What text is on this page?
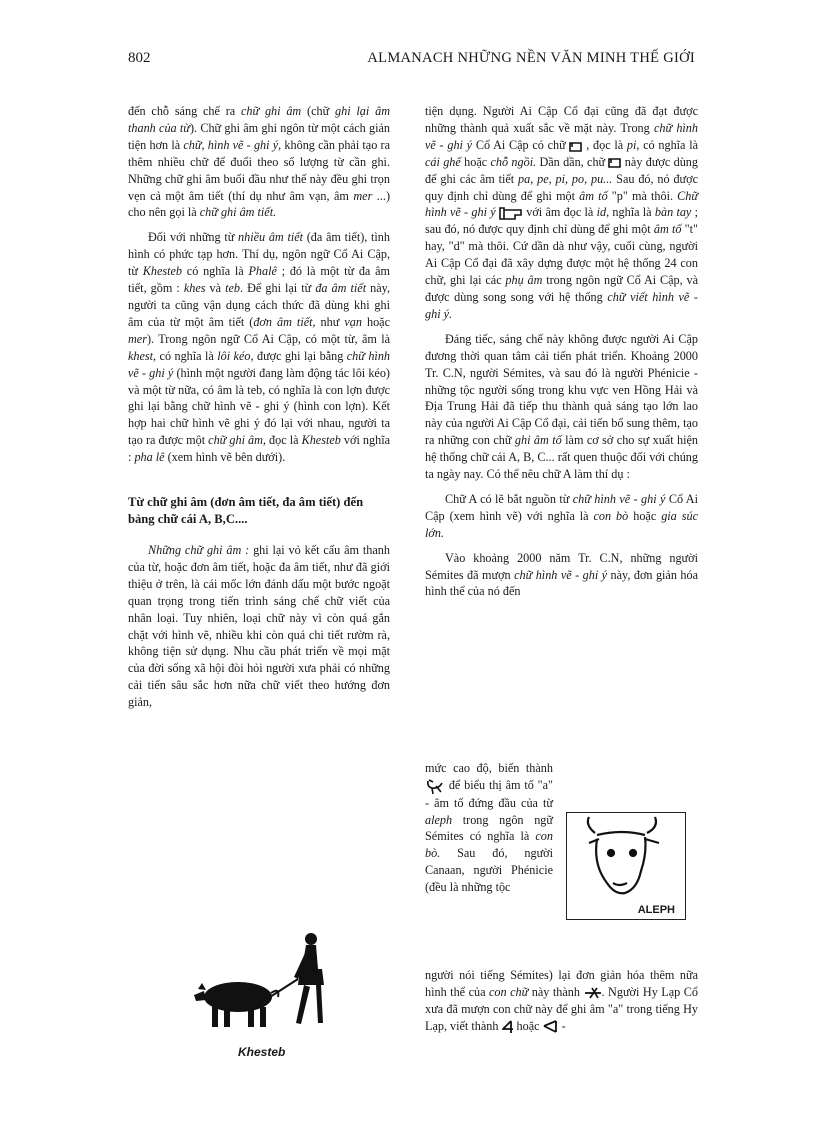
802	ALMANACH NHỮNG NỀN VĂN MINH THẾ GIỚI

đến chỗ sáng chế ra chữ ghi âm (chữ ghi lại âm thanh của từ). Chữ ghi âm ghi ngôn từ một cách giản tiện hơn là chữ, hình vẽ - ghi ý, không cần phải tạo ra thêm nhiều chữ để đuổi theo số lượng từ cần ghi. Những chữ ghi âm buổi đầu như thế này đều ghi trọn vẹn cả một âm tiết (thí dụ như âm vạn, âm mer ...) cho nên gọi là chữ ghi âm tiết.

Đối với những từ nhiều âm tiết (đa âm tiết), tình hình có phức tạp hơn. Thí dụ, ngôn ngữ Cổ Ai Cập, từ Khesteb có nghĩa là Phalê ; đó là một từ đa âm tiết, gồm : khes và teb. Để ghi lại từ đa âm tiết này, người ta cũng vận dụng cách thức đã dùng khi ghi âm của từ một âm tiết (đơn âm tiết, như vạn hoặc mer). Trong ngôn ngữ Cổ Ai Cập, có một từ, âm là khest, có nghĩa là lôi kéo, được ghi lại bằng chữ hình vẽ - ghi ý (hình một người đang làm động tác lôi kéo) và một từ nữa, có âm là teb, có nghĩa là con lợn được ghi lại bằng chữ hình vẽ - ghi ý (hình con lợn). Kết hợp hai chữ hình vẽ ghi ý đó lại với nhau, người ta tạo ra được một chữ ghi âm, đọc là Khesteb với nghĩa : pha lê (xem hình vẽ bên dưới).

Từ chữ ghi âm (đơn âm tiết, đa âm tiết) đến bảng chữ cái A, B,C....

Những chữ ghi âm : ghi lại vỏ kết cấu âm thanh của từ, hoặc đơn âm tiết, hoặc đa âm tiết, như đã giới thiệu ở trên, là cái mốc lớn đánh dấu một bước ngoặt quan trọng trong tiến trình sáng chế chữ viết của nhân loại. Tuy nhiên, loại chữ này vì còn quá gắn chặt với hình vẽ, nhiều khi còn quá chi tiết rườm rà, không tiện sử dụng. Nhu cầu phát triển về mọi mặt của đời sống xã hội đòi hỏi người xưa phải có những cải tiến sâu sắc hơn nữa chữ viết theo hướng đơn giản,

Khesteb

tiện dụng. Người Ai Cập Cổ đại cũng đã đạt được những thành quả xuất sắc về mặt này. Trong chữ hình vẽ - ghi ý Cổ Ai Cập có chữ  , đọc là pi, có nghĩa là cái ghế hoặc chỗ ngồi. Dần dần, chữ  này được dùng để ghi các âm tiết pa, pe, pi, po, pu... Sau đó, nó được quy định chỉ dùng để ghi một âm tố "p" mà thôi. Chữ hình vẽ - ghi ý  với âm đọc là id, nghĩa là bàn tay ; sau đó, nó được quy định chỉ dùng để ghi một âm tố "t" hay, "d" mà thôi. Cứ dần dà như vậy, cuối cùng, người Ai Cập Cổ đại đã xây dựng được một hệ thống 24 con chữ, ghi lại các phụ âm trong ngôn ngữ Cổ Ai Cập, và được dùng song song với hệ thống chữ viết hình vẽ - ghi ý.

Đáng tiếc, sáng chế này không được người Ai Cập đương thời quan tâm cải tiến phát triển. Khoảng 2000 Tr. C.N, người Sémites, và sau đó là người Phénicie - những tộc người sống trong khu vực ven Hồng Hải và Địa Trung Hải đã tiếp thu thành quả sáng tạo lớn lao này của người Ai Cập Cổ đại, cải tiến bổ sung thêm, tạo ra những con chữ ghi âm tố làm cơ sở cho sự xuất hiện hệ thống chữ cái A, B, C... rất quen thuộc đối với chúng ta ngày nay. Có thể nêu chữ A làm thí dụ :

Chữ A có lẽ bắt nguồn từ chữ hình vẽ - ghi ý Cổ Ai Cập (xem hình vẽ) với nghĩa là con bò hoặc gia súc lớn.

Vào khoảng 2000 năm Tr. C.N, những người Sémites đã mượn chữ hình vẽ - ghi ý này, đơn giản hóa hình thể của nó đến

mức cao độ, biến thành  để biểu thị âm tố "a" - âm tố đứng đầu của từ aleph trong ngôn ngữ Sémites có nghĩa là con bò. Sau đó, người Canaan, người Phénicie (đều là những tộc
ALEPH
người nói tiếng Sémites) lại đơn giản hóa thêm nữa hình thể của con chữ này thành . Người Hy Lạp Cổ xưa đã mượn con chữ này để ghi âm "a" trong tiếng Hy Lạp, viết thành  hoặc  -
